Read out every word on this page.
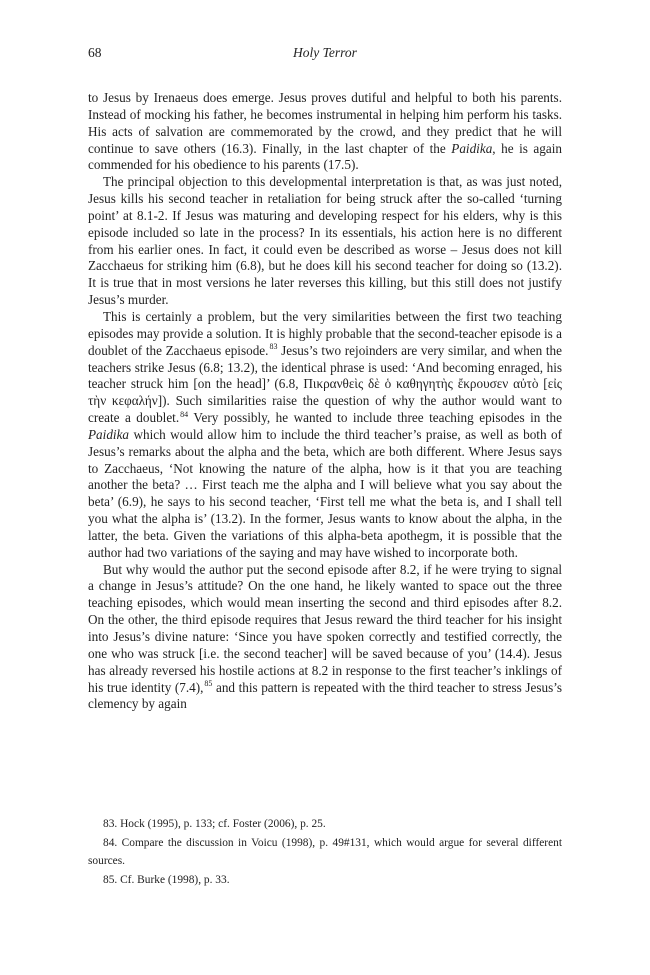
68	Holy Terror

to Jesus by Irenaeus does emerge. Jesus proves dutiful and helpful to both his parents. Instead of mocking his father, he becomes instrumental in helping him perform his tasks. His acts of salvation are commemorated by the crowd, and they predict that he will continue to save others (16.3). Finally, in the last chapter of the Paidika, he is again commended for his obedience to his parents (17.5).

The principal objection to this developmental interpretation is that, as was just noted, Jesus kills his second teacher in retaliation for being struck after the so-called ‘turning point’ at 8.1-2. If Jesus was maturing and developing respect for his elders, why is this episode included so late in the process? In its essentials, his action here is no different from his earlier ones. In fact, it could even be described as worse – Jesus does not kill Zacchaeus for striking him (6.8), but he does kill his second teacher for doing so (13.2). It is true that in most versions he later reverses this killing, but this still does not justify Jesus’s murder.

This is certainly a problem, but the very similarities between the first two teaching episodes may provide a solution. It is highly probable that the second-teacher episode is a doublet of the Zacchaeus episode.$^{83}$ Jesus’s two rejoinders are very similar, and when the teachers strike Jesus (6.8; 13.2), the identical phrase is used: ‘And becoming enraged, his teacher struck him [on the head]’ (6.8, Πικρανθεὶς δὲ ὁ καθηγητὴς ἔκρουσεν αὐτὸ [εἰς τὴν κεφαλήν]). Such similarities raise the question of why the author would want to create a doublet.$^{84}$ Very possibly, he wanted to include three teaching episodes in the Paidika which would allow him to include the third teacher’s praise, as well as both of Jesus’s remarks about the alpha and the beta, which are both different. Where Jesus says to Zacchaeus, ‘Not knowing the nature of the alpha, how is it that you are teaching another the beta? … First teach me the alpha and I will believe what you say about the beta’ (6.9), he says to his second teacher, ‘First tell me what the beta is, and I shall tell you what the alpha is’ (13.2). In the former, Jesus wants to know about the alpha, in the latter, the beta. Given the variations of this alpha-beta apothegm, it is possible that the author had two variations of the saying and may have wished to incorporate both.

But why would the author put the second episode after 8.2, if he were trying to signal a change in Jesus’s attitude? On the one hand, he likely wanted to space out the three teaching episodes, which would mean inserting the second and third episodes after 8.2. On the other, the third episode requires that Jesus reward the third teacher for his insight into Jesus’s divine nature: ‘Since you have spoken correctly and testified correctly, the one who was struck [i.e. the second teacher] will be saved because of you’ (14.4). Jesus has already reversed his hostile actions at 8.2 in response to the first teacher’s inklings of his true identity (7.4),$^{85}$ and this pattern is repeated with the third teacher to stress Jesus’s clemency by again

83. Hock (1995), p. 133; cf. Foster (2006), p. 25.

84. Compare the discussion in Voicu (1998), p. 49#131, which would argue for several different sources.

85. Cf. Burke (1998), p. 33.
